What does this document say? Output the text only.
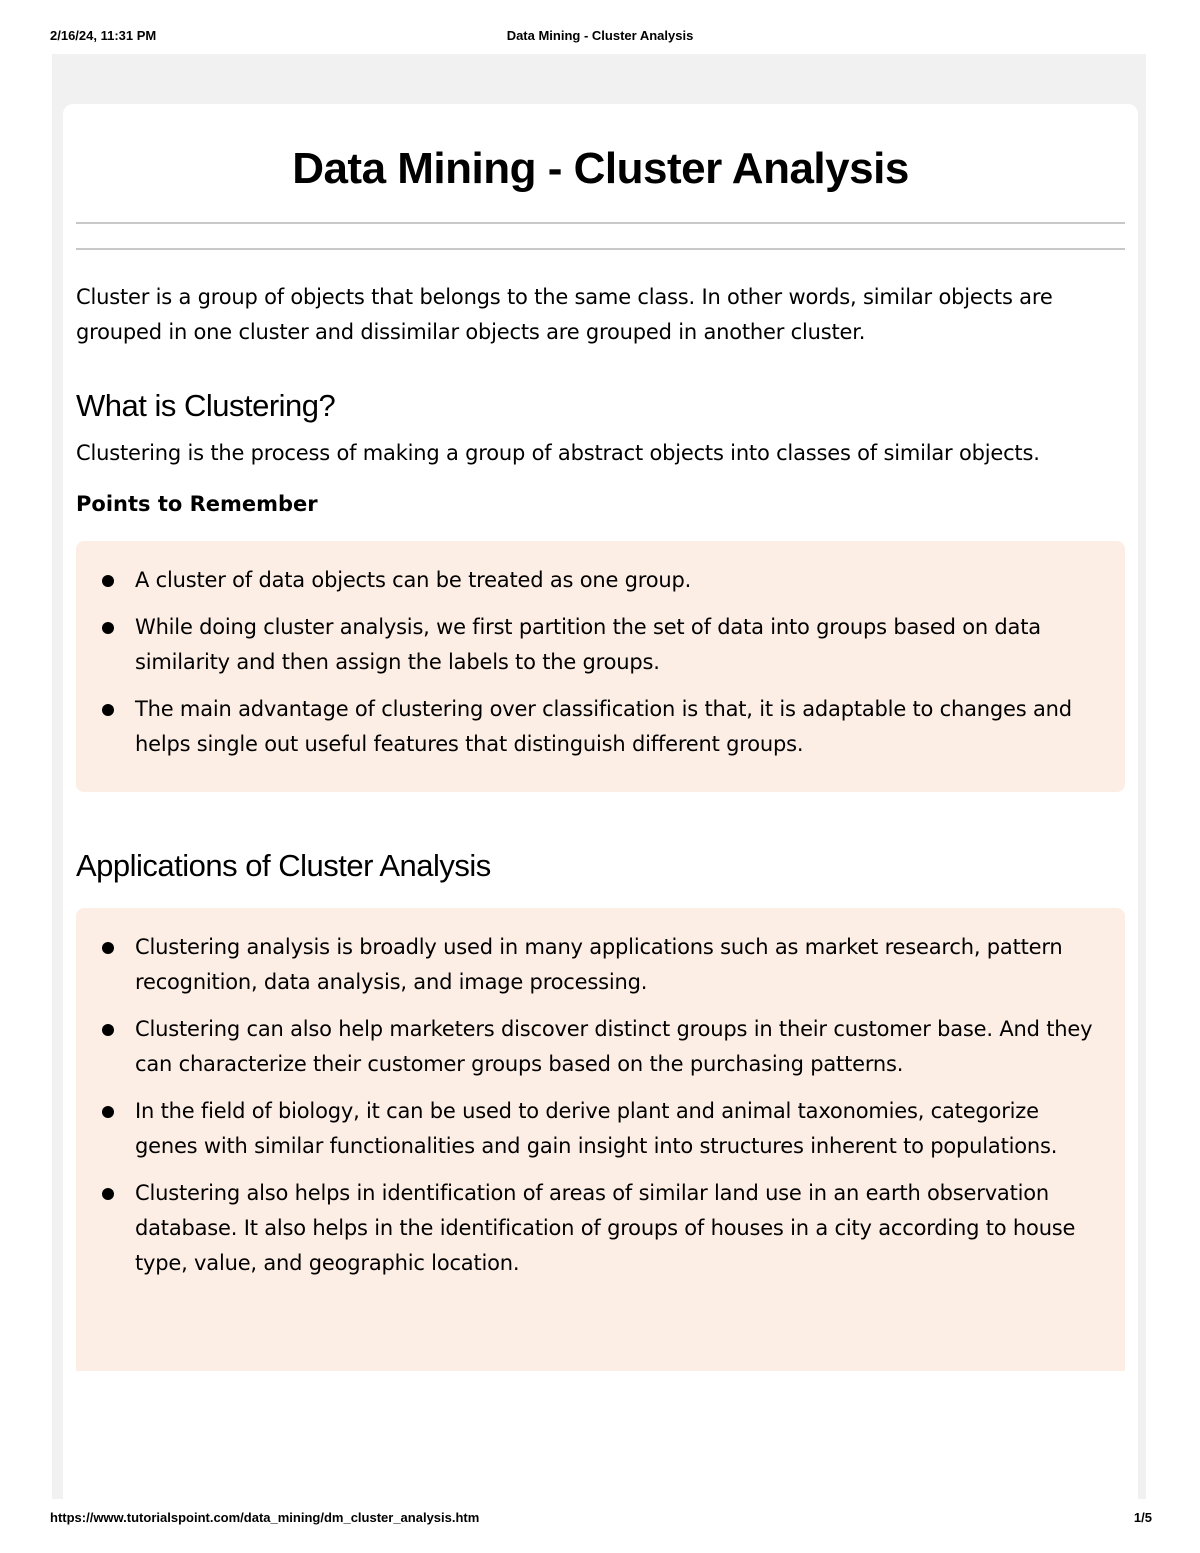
2/16/24, 11:31 PM	Data Mining - Cluster Analysis
Data Mining - Cluster Analysis

Cluster is a group of objects that belongs to the same class. In other words, similar objects are grouped in one cluster and dissimilar objects are grouped in another cluster.

What is Clustering?

Clustering is the process of making a group of abstract objects into classes of similar objects.

Points to Remember
A cluster of data objects can be treated as one group.
While doing cluster analysis, we first partition the set of data into groups based on data similarity and then assign the labels to the groups.
The main advantage of clustering over classification is that, it is adaptable to changes and helps single out useful features that distinguish different groups.
Applications of Cluster Analysis
Clustering analysis is broadly used in many applications such as market research, pattern recognition, data analysis, and image processing.
Clustering can also help marketers discover distinct groups in their customer base. And they can characterize their customer groups based on the purchasing patterns.
In the field of biology, it can be used to derive plant and animal taxonomies, categorize genes with similar functionalities and gain insight into structures inherent to populations.
Clustering also helps in identification of areas of similar land use in an earth observation database. It also helps in the identification of groups of houses in a city according to house type, value, and geographic location.
https://www.tutorialspoint.com/data_mining/dm_cluster_analysis.htm	1/5
